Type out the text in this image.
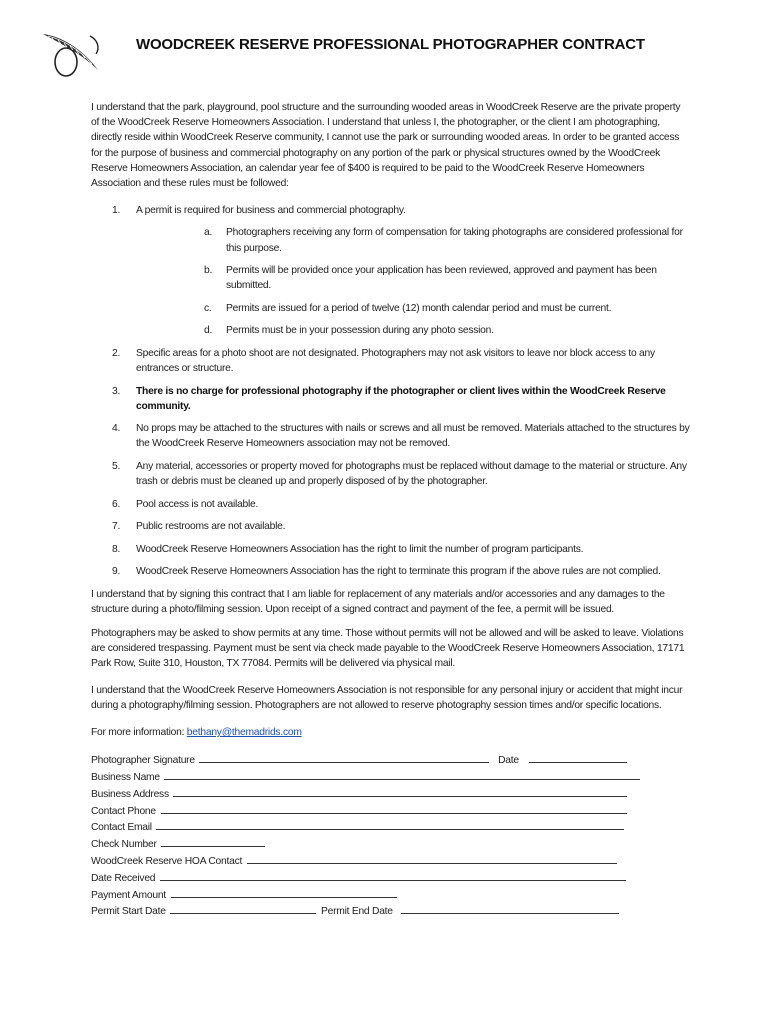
WOODCREEK RESERVE PROFESSIONAL PHOTOGRAPHER CONTRACT

I understand that the park, playground, pool structure and the surrounding wooded areas in WoodCreek Reserve are the private property of the WoodCreek Reserve Homeowners Association. I understand that unless I, the photographer, or the client I am photographing, directly reside within WoodCreek Reserve community, I cannot use the park or surrounding wooded areas. In order to be granted access for the purpose of business and commercial photography on any portion of the park or physical structures owned by the WoodCreek Reserve Homeowners Association, an calendar year fee of $400 is required to be paid to the WoodCreek Reserve Homeowners Association and these rules must be followed:

1. A permit is required for business and commercial photography.
a. Photographers receiving any form of compensation for taking photographs are considered professional for this purpose.
b. Permits will be provided once your application has been reviewed, approved and payment has been submitted.
c. Permits are issued for a period of twelve (12) month calendar period and must be current.
d. Permits must be in your possession during any photo session.
2. Specific areas for a photo shoot are not designated. Photographers may not ask visitors to leave nor block access to any entrances or structure.
3. There is no charge for professional photography if the photographer or client lives within the WoodCreek Reserve community.
4. No props may be attached to the structures with nails or screws and all must be removed. Materials attached to the structures by the WoodCreek Reserve Homeowners association may not be removed.
5. Any material, accessories or property moved for photographs must be replaced without damage to the material or structure. Any trash or debris must be cleaned up and properly disposed of by the photographer.
6. Pool access is not available.
7. Public restrooms are not available.
8. WoodCreek Reserve Homeowners Association has the right to limit the number of program participants.
9. WoodCreek Reserve Homeowners Association has the right to terminate this program if the above rules are not complied.

I understand that by signing this contract that I am liable for replacement of any materials and/or accessories and any damages to the structure during a photo/filming session. Upon receipt of a signed contract and payment of the fee, a permit will be issued.

Photographers may be asked to show permits at any time. Those without permits will not be allowed and will be asked to leave. Violations are considered trespassing. Payment must be sent via check made payable to the WoodCreek Reserve Homeowners Association, 17171 Park Row, Suite 310, Houston, TX 77084. Permits will be delivered via physical mail.

I understand that the WoodCreek Reserve Homeowners Association is not responsible for any personal injury or accident that might incur during a photography/filming session. Photographers are not allowed to reserve photography session times and/or specific locations.

For more information: bethany@themadrids.com

Photographer Signature	Date
Business Name
Business Address
Contact Phone
Contact Email
Check Number
WoodCreek Reserve HOA Contact
Date Received
Payment Amount
Permit Start Date	Permit End Date
